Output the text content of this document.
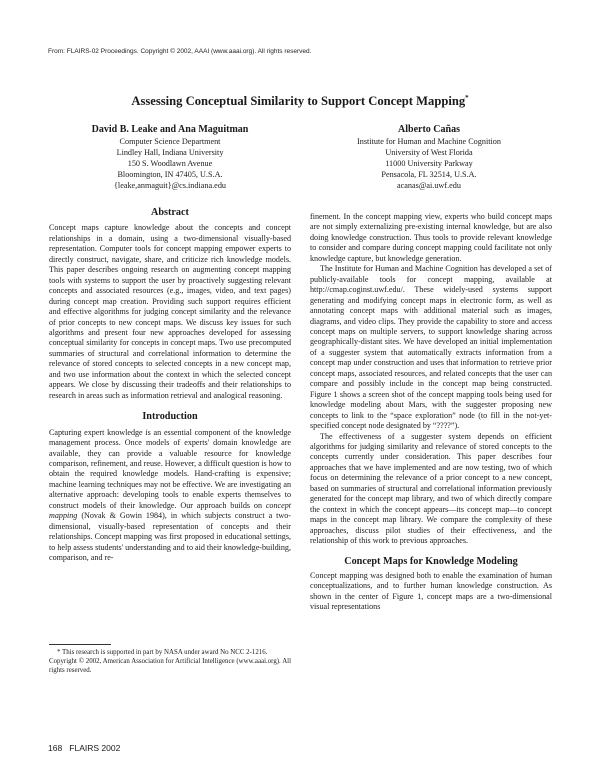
From: FLAIRS-02 Proceedings. Copyright © 2002, AAAI (www.aaai.org). All rights reserved.
Assessing Conceptual Similarity to Support Concept Mapping*
David B. Leake and Ana Maguitman
Computer Science Department
Lindley Hall, Indiana University
150 S. Woodlawn Avenue
Bloomington, IN 47405, U.S.A.
{leake,anmaguit}@cs.indiana.edu
Alberto Cañas
Institute for Human and Machine Cognition
University of West Florida
11000 University Parkway
Pensacola, FL 32514, U.S.A.
acanas@ai.uwf.edu
Abstract

Concept maps capture knowledge about the concepts and concept relationships in a domain, using a two-dimensional visually-based representation. Computer tools for concept mapping empower experts to directly construct, navigate, share, and criticize rich knowledge models. This paper describes ongoing research on augmenting concept mapping tools with systems to support the user by proactively suggesting relevant concepts and associated resources (e.g., images, video, and text pages) during concept map creation. Providing such support requires efficient and effective algorithms for judging concept similarity and the relevance of prior concepts to new concept maps. We discuss key issues for such algorithms and present four new approaches developed for assessing conceptual similarity for concepts in concept maps. Two use precomputed summaries of structural and correlational information to determine the relevance of stored concepts to selected concepts in a new concept map, and two use information about the context in which the selected concept appears. We close by discussing their tradeoffs and their relationships to research in areas such as information retrieval and analogical reasoning.

Introduction

Capturing expert knowledge is an essential component of the knowledge management process. Once models of experts' domain knowledge are available, they can provide a valuable resource for knowledge comparison, refinement, and reuse. However, a difficult question is how to obtain the required knowledge models. Hand-crafting is expensive; machine learning techniques may not be effective. We are investigating an alternative approach: developing tools to enable experts themselves to construct models of their knowledge. Our approach builds on concept mapping (Novak & Gowin 1984), in which subjects construct a two-dimensional, visually-based representation of concepts and their relationships. Concept mapping was first proposed in educational settings, to help assess students' understanding and to aid their knowledge-building, comparison, and re-

* This research is supported in part by NASA under award No NCC 2-1216.

Copyright © 2002, American Association for Artificial Intelligence (www.aaai.org). All rights reserved.

finement. In the concept mapping view, experts who build concept maps are not simply externalizing pre-existing internal knowledge, but are also doing knowledge construction. Thus tools to provide relevant knowledge to consider and compare during concept mapping could facilitate not only knowledge capture, but knowledge generation.

The Institute for Human and Machine Cognition has developed a set of publicly-available tools for concept mapping, available at http://cmap.coginst.uwf.edu/. These widely-used systems support generating and modifying concept maps in electronic form, as well as annotating concept maps with additional material such as images, diagrams, and video clips. They provide the capability to store and access concept maps on multiple servers, to support knowledge sharing across geographically-distant sites. We have developed an initial implementation of a suggester system that automatically extracts information from a concept map under construction and uses that information to retrieve prior concept maps, associated resources, and related concepts that the user can compare and possibly include in the concept map being constructed. Figure 1 shows a screen shot of the concept mapping tools being used for knowledge modeling about Mars, with the suggester proposing new concepts to link to the “space exploration” node (to fill in the not-yet-specified concept node designated by “????”).

The effectiveness of a suggester system depends on efficient algorithms for judging similarity and relevance of stored concepts to the concepts currently under consideration. This paper describes four approaches that we have implemented and are now testing, two of which focus on determining the relevance of a prior concept to a new concept, based on summaries of structural and correlational information previously generated for the concept map library, and two of which directly compare the context in which the concept appears—its concept map—to concept maps in the concept map library. We compare the complexity of these approaches, discuss pilot studies of their effectiveness, and the relationship of this work to previous approaches.

Concept Maps for Knowledge Modeling

Concept mapping was designed both to enable the examination of human conceptualizations, and to further human knowledge construction. As shown in the center of Figure 1, concept maps are a two-dimensional visual representations

168 FLAIRS 2002
